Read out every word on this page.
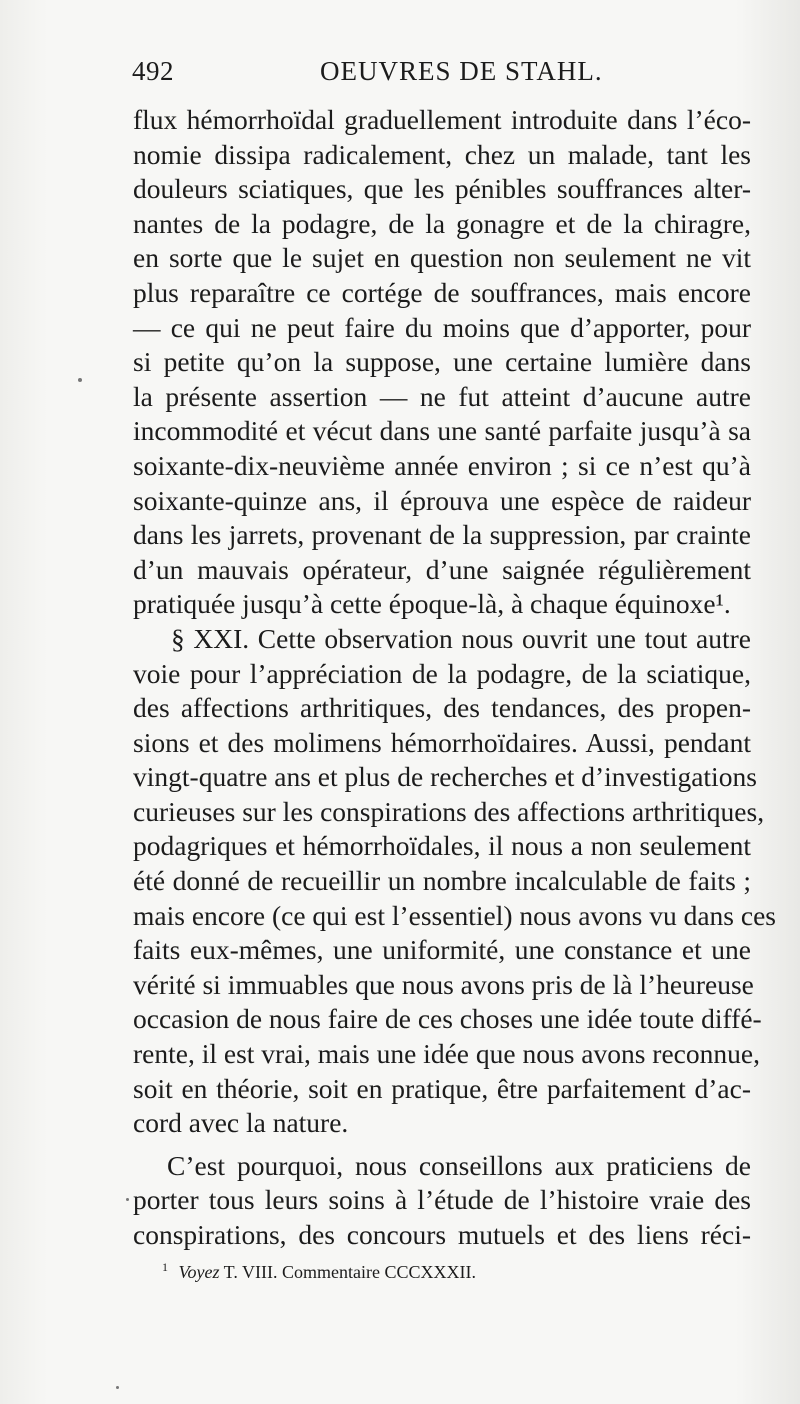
492	OEUVRES DE STAHL.
flux hémorrhoïdal graduellement introduite dans l’éco-
nomie dissipa radicalement, chez un malade, tant les
douleurs sciatiques, que les pénibles souffrances alter-
nantes de la podagre, de la gonagre et de la chiragre,
en sorte que le sujet en question non seulement ne vit
plus reparaître ce cortége de souffrances, mais encore
— ce qui ne peut faire du moins que d’apporter, pour
si petite qu’on la suppose, une certaine lumière dans
la présente assertion — ne fut atteint d’aucune autre
incommodité et vécut dans une santé parfaite jusqu’à sa
soixante-dix-neuvième année environ ; si ce n’est qu’à
soixante-quinze ans, il éprouva une espèce de raideur
dans les jarrets, provenant de la suppression, par crainte
d’un mauvais opérateur, d’une saignée régulièrement
pratiquée jusqu’à cette époque-là, à chaque équinoxe¹.
§ XXI. Cette observation nous ouvrit une tout autre
voie pour l’appréciation de la podagre, de la sciatique,
des affections arthritiques, des tendances, des propen-
sions et des molimens hémorrhoïdaires. Aussi, pendant
vingt-quatre ans et plus de recherches et d’investigations
curieuses sur les conspirations des affections arthritiques,
podagriques et hémorrhoïdales, il nous a non seulement
été donné de recueillir un nombre incalculable de faits ;
mais encore (ce qui est l’essentiel) nous avons vu dans ces
faits eux-mêmes, une uniformité, une constance et une
vérité si immuables que nous avons pris de là l’heureuse
occasion de nous faire de ces choses une idée toute diffé-
rente, il est vrai, mais une idée que nous avons reconnue,
soit en théorie, soit en pratique, être parfaitement d’ac-
cord avec la nature.
C’est pourquoi, nous conseillons aux praticiens de
porter tous leurs soins à l’étude de l’histoire vraie des
conspirations, des concours mutuels et des liens réci-
$^1$ Voyez T. VIII. Commentaire CCCXXXII.
